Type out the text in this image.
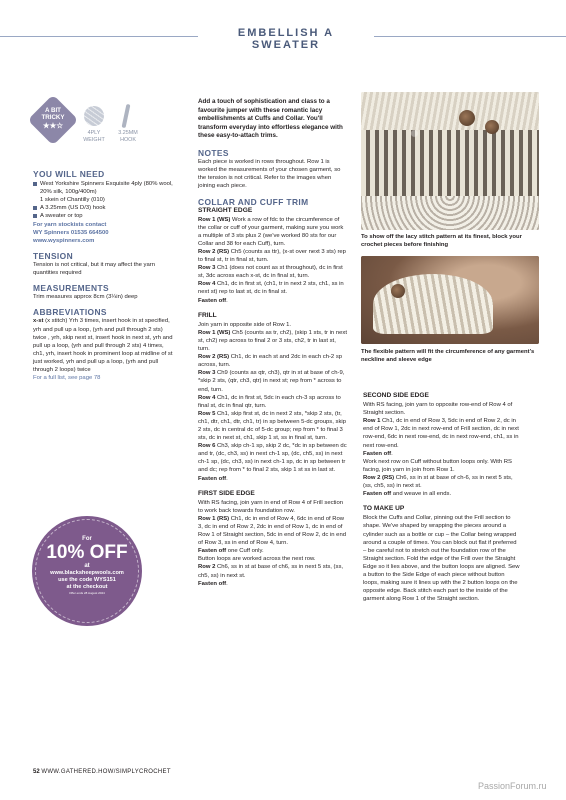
EMBELLISH A SWEATER
A BIT
TRICKY
★★☆
4PLY
WEIGHT
3.25MM
HOOK
YOU WILL NEED
West Yorkshire Spinners Exquisite 4ply (80% wool, 20% silk, 100g/400m)
1 skein of Chantilly (010)
A 3.25mm (US D/3) hook
A sweater or top
For yarn stockists contact
WY Spinners 01535 664500
www.wyspinners.com
TENSION
Tension is not critical, but it may affect the yarn quantities required
MEASUREMENTS
Trim measures approx 8cm (3¼in) deep
ABBREVIATIONS
x-st (x stitch) Yrh 3 times, insert hook in st specified, yrh and pull up a loop, (yrh and pull through 2 sts) twice , yrh, skip next st, insert hook in next st, yrh and pull up a loop, (yrh and pull through 2 sts) 4 times, ch1, yrh, insert hook in prominent loop at midline of st just worked, yrh and pull up a loop, (yrh and pull through 2 loops) twice
For a full list, see page 78
For
10% OFF
at
www.blacksheepwools.com
use the code WYS151
at the checkout
Offer ends 28 August 2024
Add a touch of sophistication and class to a favourite jumper with these romantic lacy embellishments at Cuffs and Collar. You'll transform everyday into effortless elegance with these easy-to-attach trims.
NOTES
Each piece is worked in rows throughout. Row 1 is worked the measurements of your chosen garment, so the tension is not critical. Refer to the images when joining each piece.
COLLAR AND CUFF TRIM
STRAIGHT EDGE
Row 1 (WS) Work a row of fdc to the circumference of the collar or cuff of your garment, making sure you work a multiple of 3 sts plus 2 (we've worked 80 sts for our Collar and 38 for each Cuff), turn.
Row 2 (RS) Ch5 (counts as ttr), (x-st over next 3 sts) rep to final st, tr in final st, turn.
Row 3 Ch1 (does not count as st throughout), dc in first st, 3dc across each x-st, dc in final st, turn.
Row 4 Ch1, dc in first st, (ch1, tr in next 2 sts, ch1, ss in next st) rep to last st, dc in final st.
Fasten off.
FRILL
Join yarn in opposite side of Row 1.
Row 1 (WS) Ch5 (counts as tr, ch2), (skip 1 sts, tr in next st, ch2) rep across to final 2 or 3 sts, ch2, tr in last st, turn.
Row 2 (RS) Ch1, dc in each st and 2dc in each ch-2 sp across, turn.
Row 3 Ch9 (counts as qtr, ch3), qtr in st at base of ch-9, *skip 2 sts, (qtr, ch3, qtr) in next st; rep from * across to end, turn.
Row 4 Ch1, dc in first st, 5dc in each ch-3 sp across to final st, dc in final qtr, turn.
Row 5 Ch1, skip first st, dc in next 2 sts, *skip 2 sts, (tr, ch1, dtr, ch1, dtr, ch1, tr) in sp between 5-dc groups, skip 2 sts, dc in central dc of 5-dc group; rep from * to final 3 sts, dc in next st, ch1, skip 1 st, ss in final st, turn.
Row 6 Ch3, skip ch-1 sp, skip 2 dc, *dc in sp between dc and tr, (dc, ch3, ss) in next ch-1 sp, (dc, ch5, ss) in next ch-1 sp, (dc, ch3, ss) in next ch-1 sp, dc in sp between tr and dc; rep from * to final 2 sts, skip 1 st ss in last st.
Fasten off.
FIRST SIDE EDGE
With RS facing, join yarn in end of Row 4 of Frill section to work back towards foundation row.
Row 1 (RS) Ch1, dc in end of Row 4, 6dc in end of Row 3, dc in end of Row 2, 2dc in end of Row 1, dc in end of Row 1 of Straight section, 5dc in end of Row 2, dc in end of Row 3, ss in end of Row 4, turn.
Fasten off one Cuff only.
Button loops are worked across the next row.
Row 2 Ch6, ss in st at base of ch6, ss in next 5 sts, (ss, ch5, ss) in next st.
Fasten off.
To show off the lacy stitch pattern at its finest, block your crochet pieces before finishing
The flexible pattern will fit the circumference of any garment's neckline and sleeve edge
SECOND SIDE EDGE
With RS facing, join yarn to opposite row-end of Row 4 of Straight section.
Row 1 Ch1, dc in end of Row 3, 5dc in end of Row 2, dc in end of Row 1, 2dc in next row-end of Frill section, dc in next row-end, 6dc in next row-end, dc in next row-end, ch1, ss in next row-end.
Fasten off.
Work next row on Cuff without button loops only. With RS facing, join yarn in join from Row 1.
Row 2 (RS) Ch6, ss in st at base of ch-6, ss in next 5 sts, (ss, ch5, ss) in next st.
Fasten off and weave in all ends.
TO MAKE UP
Block the Cuffs and Collar, pinning out the Frill section to shape. We've shaped by wrapping the pieces around a cylinder such as a bottle or cup – the Collar being wrapped around a couple of times. You can block out flat if preferred – be careful not to stretch out the foundation row of the Straight section. Fold the edge of the Frill over the Straight Edge so it lies above, and the button loops are aligned. Sew a button to the Side Edge of each piece without button loops, making sure it lines up with the 2 button loops on the opposite edge. Back stitch each part to the inside of the garment along Row 1 of the Straight section.
52 WWW.GATHERED.HOW/SIMPLYCROCHET
PassionForum.ru
